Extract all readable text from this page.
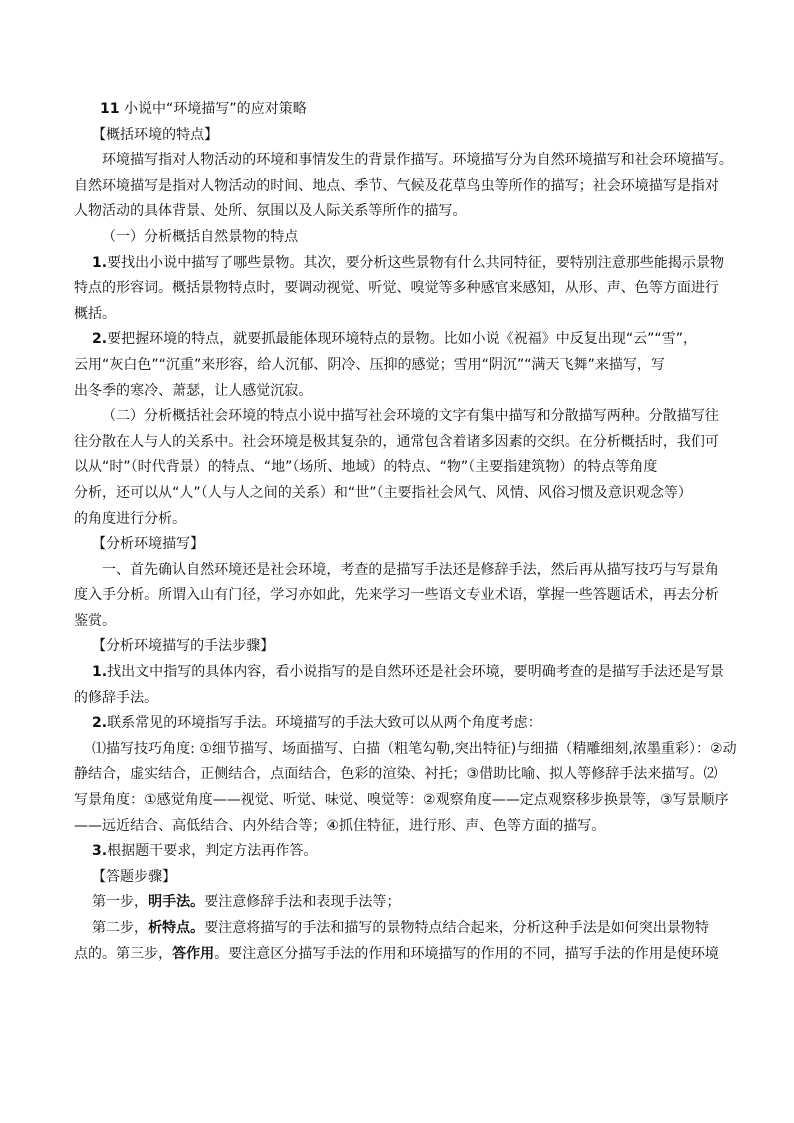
11 小说中“环境描写”的应对策略
【概括环境的特点】
环境描写指对人物活动的环境和事情发生的背景作描写。环境描写分为自然环境描写和社会环境描写。
自然环境描写是指对人物活动的时间、地点、季节、气候及花草鸟虫等所作的描写；社会环境描写是指对
人物活动的具体背景、处所、氛围以及人际关系等所作的描写。
（一）分析概括自然景物的特点
1.要找出小说中描写了哪些景物。其次，要分析这些景物有什么共同特征，要特别注意那些能揭示景物
特点的形容词。概括景物特点时，要调动视觉、听觉、嗅觉等多种感官来感知，从形、声、色等方面进行
概括。
2.要把握环境的特点，就要抓最能体现环境特点的景物。比如小说《祝福》中反复出现“云”“雪”，
云用“灰白色”“沉重”来形容，给人沉郁、阴冷、压抑的感觉；雪用“阴沉”“满天飞舞”来描写，写
出冬季的寒冷、萧瑟，让人感觉沉寂。
（二）分析概括社会环境的特点小说中描写社会环境的文字有集中描写和分散描写两种。分散描写往
往分散在人与人的关系中。社会环境是极其复杂的，通常包含着诸多因素的交织。在分析概括时，我们可
以从“时”（时代背景）的特点、“地”（场所、地域）的特点、“物”（主要指建筑物）的特点等角度
分析，还可以从“人”（人与人之间的关系）和“世”（主要指社会风气、风情、风俗习惯及意识观念等）
的角度进行分析。
【分析环境描写】
一、首先确认自然环境还是社会环境，考查的是描写手法还是修辞手法，然后再从描写技巧与写景角
度入手分析。所谓入山有门径，学习亦如此，先来学习一些语文专业术语，掌握一些答题话术，再去分析
鉴赏。
【分析环境描写的手法步骤】
1.找出文中指写的具体内容，看小说指写的是自然环还是社会环境，要明确考查的是描写手法还是写景
的修辞手法。
2.联系常见的环境指写手法。环境描写的手法大致可以从两个角度考虑：
⑴描写技巧角度: ①细节描写、场面描写、白描（粗笔勾勒,突出特征)与细描（精雕细刻,浓墨重彩）：②动
静结合，虚实结合，正侧结合，点面结合，色彩的渲染、衬托；③借助比喻、拟人等修辞手法来描写。⑵
写景角度：①感觉角度——视觉、听觉、味觉、嗅觉等：②观察角度——定点观察移步换景等，③写景顺序
——远近结合、高低结合、内外结合等；④抓住特征，进行形、声、色等方面的描写。
3.根据题干要求，判定方法再作答。
【答题步骤】
第一步，明手法。要注意修辞手法和表现手法等；
第二步，析特点。要注意将描写的手法和描写的景物特点结合起来，分析这种手法是如何突出景物特
点的。第三步，答作用。要注意区分描写手法的作用和环境描写的作用的不同，描写手法的作用是使环境
